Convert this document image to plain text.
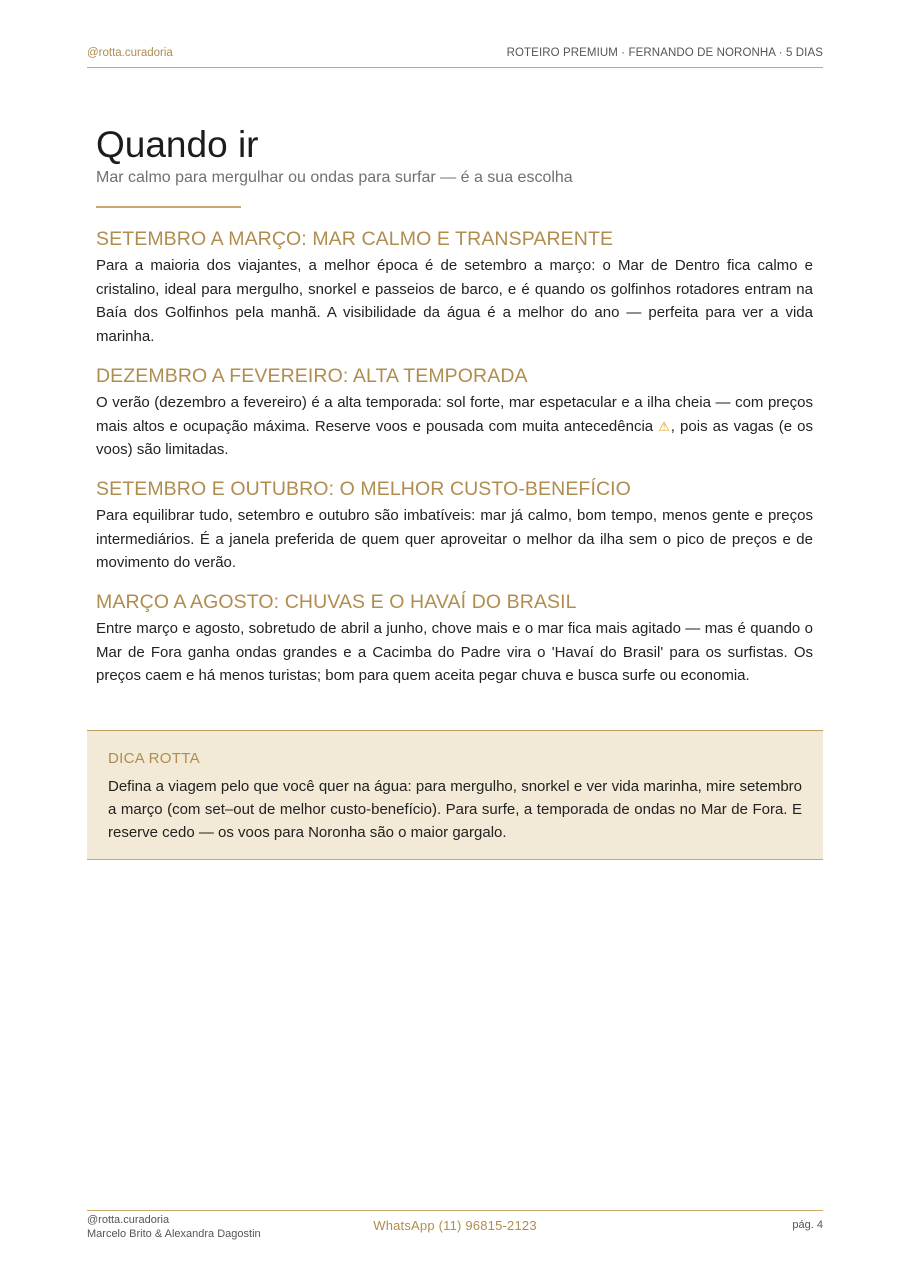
@rotta.curadoria	ROTEIRO PREMIUM · FERNANDO DE NORONHA · 5 DIAS
Quando ir

Mar calmo para mergulhar ou ondas para surfar — é a sua escolha

SETEMBRO A MARÇO: MAR CALMO E TRANSPARENTE

Para a maioria dos viajantes, a melhor época é de setembro a março: o Mar de Dentro fica calmo e cristalino, ideal para mergulho, snorkel e passeios de barco, e é quando os golfinhos rotadores entram na Baía dos Golfinhos pela manhã. A visibilidade da água é a melhor do ano — perfeita para ver a vida marinha.

DEZEMBRO A FEVEREIRO: ALTA TEMPORADA

O verão (dezembro a fevereiro) é a alta temporada: sol forte, mar espetacular e a ilha cheia — com preços mais altos e ocupação máxima. Reserve voos e pousada com muita antecedência ⚠, pois as vagas (e os voos) são limitadas.

SETEMBRO E OUTUBRO: O MELHOR CUSTO-BENEFÍCIO

Para equilibrar tudo, setembro e outubro são imbatíveis: mar já calmo, bom tempo, menos gente e preços intermediários. É a janela preferida de quem quer aproveitar o melhor da ilha sem o pico de preços e de movimento do verão.

MARÇO A AGOSTO: CHUVAS E O HAVAÍ DO BRASIL

Entre março e agosto, sobretudo de abril a junho, chove mais e o mar fica mais agitado — mas é quando o Mar de Fora ganha ondas grandes e a Cacimba do Padre vira o 'Havaí do Brasil' para os surfistas. Os preços caem e há menos turistas; bom para quem aceita pegar chuva e busca surfe ou economia.

DICA ROTTA

Defina a viagem pelo que você quer na água: para mergulho, snorkel e ver vida marinha, mire setembro a março (com set–out de melhor custo-benefício). Para surfe, a temporada de ondas no Mar de Fora. E reserve cedo — os voos para Noronha são o maior gargalo.

@rotta.curadoria
Marcelo Brito & Alexandra Dagostin
WhatsApp (11) 96815-2123	pág. 4
